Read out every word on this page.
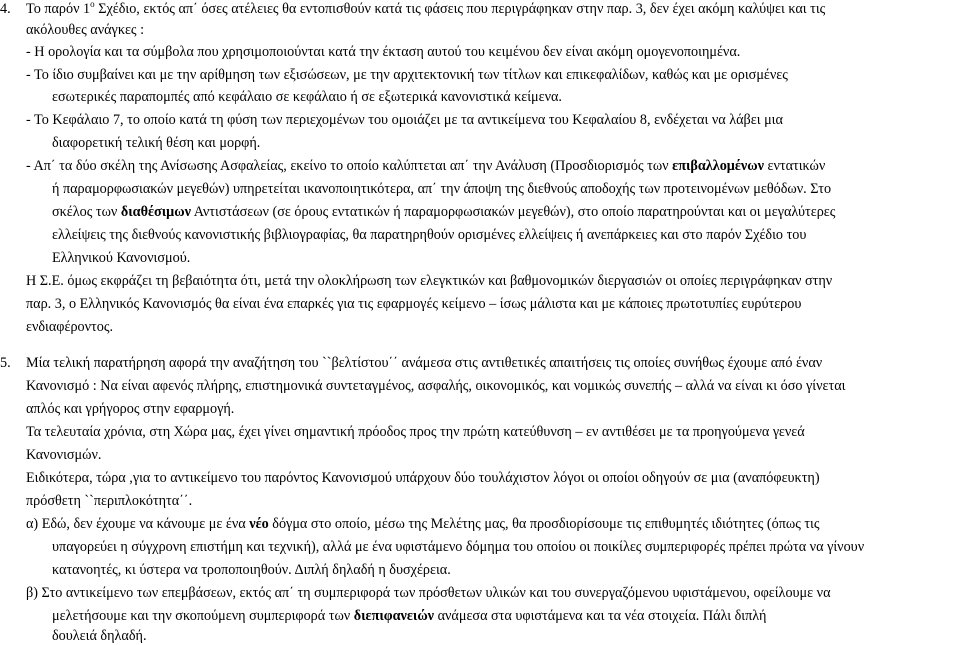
4. Το παρόν $1^o$ Σχέδιο, εκτός απ΄ όσες ατέλειες θα εντοπισθούν κατά τις φάσεις που περιγράφηκαν στην παρ. 3, δεν έχει ακόμη καλύψει και τις
ακόλουθες ανάγκες :
- Η ορολογία και τα σύμβολα που χρησιμοποιούνται κατά την έκταση αυτού του κειμένου δεν είναι ακόμη ομογενοποιημένα.
- Το ίδιο συμβαίνει και με την αρίθμηση των εξισώσεων, με την αρχιτεκτονική των τίτλων και επικεφαλίδων, καθώς και με ορισμένες
εσωτερικές παραπομπές από κεφάλαιο σε κεφάλαιο ή σε εξωτερικά κανονιστικά κείμενα.
- Το Κεφάλαιο 7, το οποίο κατά τη φύση των περιεχομένων του ομοιάζει με τα αντικείμενα του Κεφαλαίου 8, ενδέχεται να λάβει μια
διαφορετική τελική θέση και μορφή.
- Απ΄ τα δύο σκέλη της Ανίσωσης Ασφαλείας, εκείνο το οποίο καλύπτεται απ΄ την Ανάλυση (Προσδιορισμός των επιβαλλομένων εντατικών
ή παραμορφωσιακών μεγεθών) υπηρετείται ικανοποιητικότερα, απ΄ την άποψη της διεθνούς αποδοχής των προτεινομένων μεθόδων. Στο
σκέλος των διαθέσιμων Αντιστάσεων (σε όρους εντατικών ή παραμορφωσιακών μεγεθών), στο οποίο παρατηρούνται και οι μεγαλύτερες
ελλείψεις της διεθνούς κανονιστικής βιβλιογραφίας, θα παρατηρηθούν ορισμένες ελλείψεις ή ανεπάρκειες και στο παρόν Σχέδιο του
Ελληνικού Κανονισμού.
Η Σ.Ε. όμως εκφράζει τη βεβαιότητα ότι, μετά την ολοκλήρωση των ελεγκτικών και βαθμονομικών διεργασιών οι οποίες περιγράφηκαν στην
παρ. 3, ο Ελληνικός Κανονισμός θα είναι ένα επαρκές για τις εφαρμογές κείμενο – ίσως μάλιστα και με κάποιες πρωτοτυπίες ευρύτερου
ενδιαφέροντος.
5. Μία τελική παρατήρηση αφορά την αναζήτηση του ``βελτίστου΄΄ ανάμεσα στις αντιθετικές απαιτήσεις τις οποίες συνήθως έχουμε από έναν
Κανονισμό : Να είναι αφενός πλήρης, επιστημονικά συντεταγμένος, ασφαλής, οικονομικός, και νομικώς συνεπής – αλλά να είναι κι όσο γίνεται
απλός και γρήγορος στην εφαρμογή.
Τα τελευταία χρόνια, στη Χώρα μας, έχει γίνει σημαντική πρόοδος προς την πρώτη κατεύθυνση – εν αντιθέσει με τα προηγούμενα γενεά
Κανονισμών.
Ειδικότερα, τώρα ,για το αντικείμενο του παρόντος Κανονισμού υπάρχουν δύο τουλάχιστον λόγοι οι οποίοι οδηγούν σε μια (αναπόφευκτη)
πρόσθετη ``περιπλοκότητα΄΄.
α) Εδώ, δεν έχουμε να κάνουμε με ένα νέο δόγμα στο οποίο, μέσω της Μελέτης μας, θα προσδιορίσουμε τις επιθυμητές ιδιότητες (όπως τις
υπαγορεύει η σύγχρονη επιστήμη και τεχνική), αλλά με ένα υφιστάμενο δόμημα του οποίου οι ποικίλες συμπεριφορές πρέπει πρώτα να γίνουν
κατανοητές, κι ύστερα να τροποποιηθούν. Διπλή δηλαδή η δυσχέρεια.
β) Στο αντικείμενο των επεμβάσεων, εκτός απ΄ τη συμπεριφορά των πρόσθετων υλικών και του συνεργαζόμενου υφιστάμενου, οφείλουμε να
μελετήσουμε και την σκοπούμενη συμπεριφορά των διεπιφανειών ανάμεσα στα υφιστάμενα και τα νέα στοιχεία. Πάλι διπλή
δουλειά δηλαδή.
